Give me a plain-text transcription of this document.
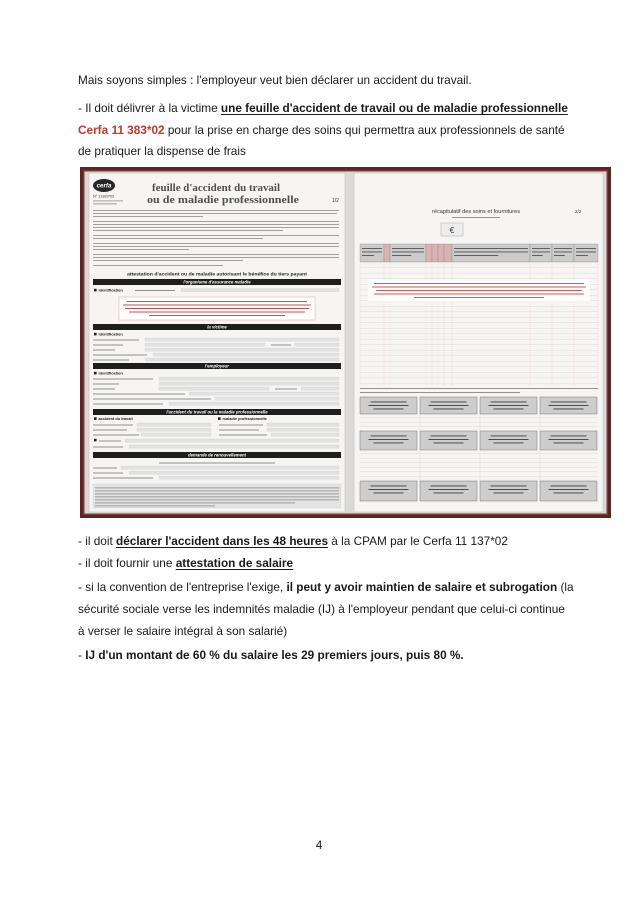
Mais soyons simples : l'employeur veut bien déclarer un accident du travail.
- Il doit délivrer à la victime une feuille d'accident de travail ou de maladie professionnelle
Cerfa 11 383*02 pour la prise en charge des soins qui permettra aux professionnels de santé
de pratiquer la dispense de frais
cerfa
N° 11383*02
feuille d'accident du travail
ou de maladie professionnelle	1/2
attestation d'accident ou de maladie autorisant le bénéfice du tiers payant
l'organisme d'assurance maladie
identification
la victime
identification
l'employeur
identification
l'accident du travail ou la maladie professionnelle
accident du travail	maladie professionnelle
demande de renouvellement
récapitulatif des soins et fournitures	2/2
€
- il doit déclarer l'accident dans les 48 heures à la CPAM par le Cerfa 11 137*02
- il doit fournir une attestation de salaire
- si la convention de l'entreprise l'exige, il peut y avoir maintien de salaire et subrogation (la
sécurité sociale verse les indemnités maladie (IJ) à l'employeur pendant que celui-ci continue
à verser le salaire intégral à son salarié)
- IJ d'un montant de 60 % du salaire les 29 premiers jours, puis 80 %.
4
